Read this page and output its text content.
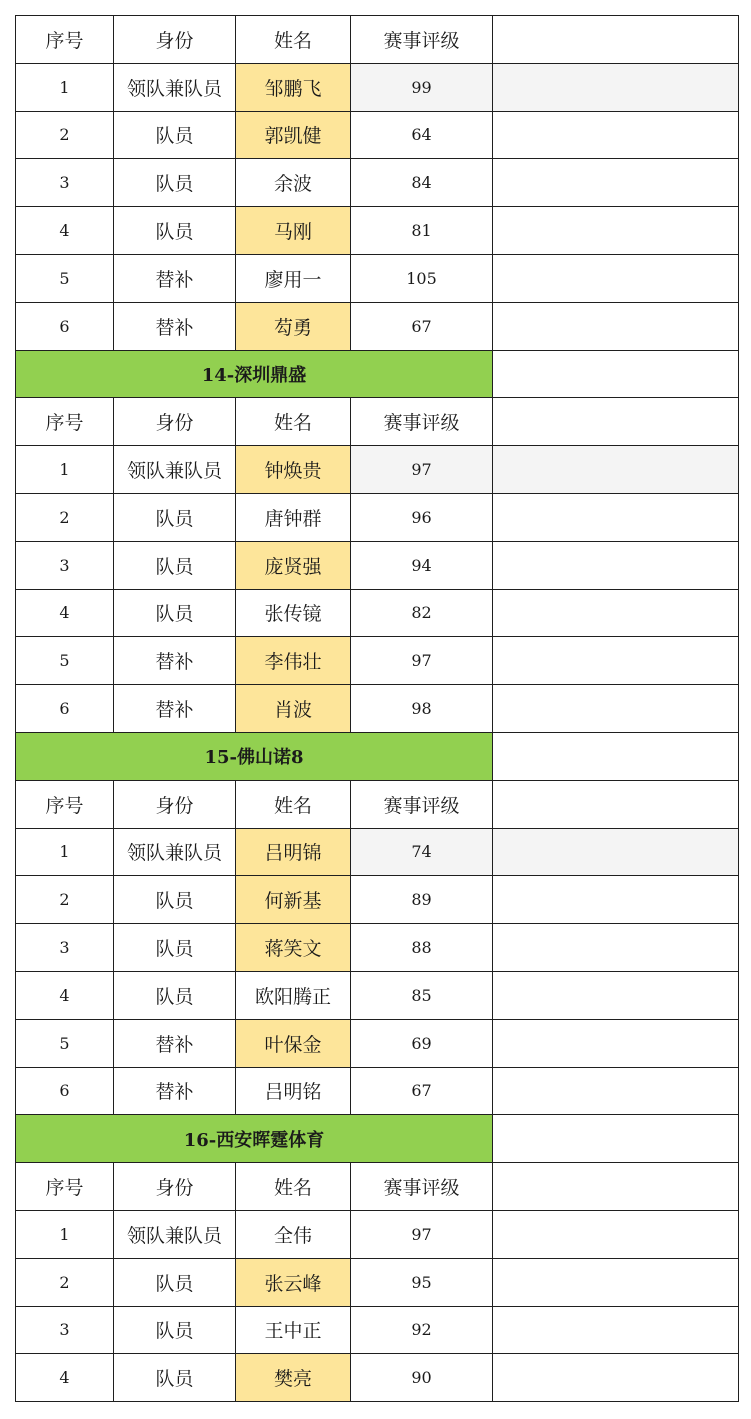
序号	身份	姓名	赛事评级	
1	领队兼队员	邹鹏飞	99	
2	队员	郭凯健	64	
3	队员	余波	84	
4	队员	马刚	81	
5	替补	廖用一	105	
6	替补	芶勇	67	
14-深圳鼎盛				
序号	身份	姓名	赛事评级	
1	领队兼队员	钟焕贵	97	
2	队员	唐钟群	96	
3	队员	庞贤强	94	
4	队员	张传镜	82	
5	替补	李伟壮	97	
6	替补	肖波	98	
15-佛山诺8				
序号	身份	姓名	赛事评级	
1	领队兼队员	吕明锦	74	
2	队员	何新基	89	
3	队员	蒋笑文	88	
4	队员	欧阳腾正	85	
5	替补	叶保金	69	
6	替补	吕明铭	67	
16-西安晖霆体育				
序号	身份	姓名	赛事评级	
1	领队兼队员	全伟	97	
2	队员	张云峰	95	
3	队员	王中正	92	
4	队员	樊亮	90	
